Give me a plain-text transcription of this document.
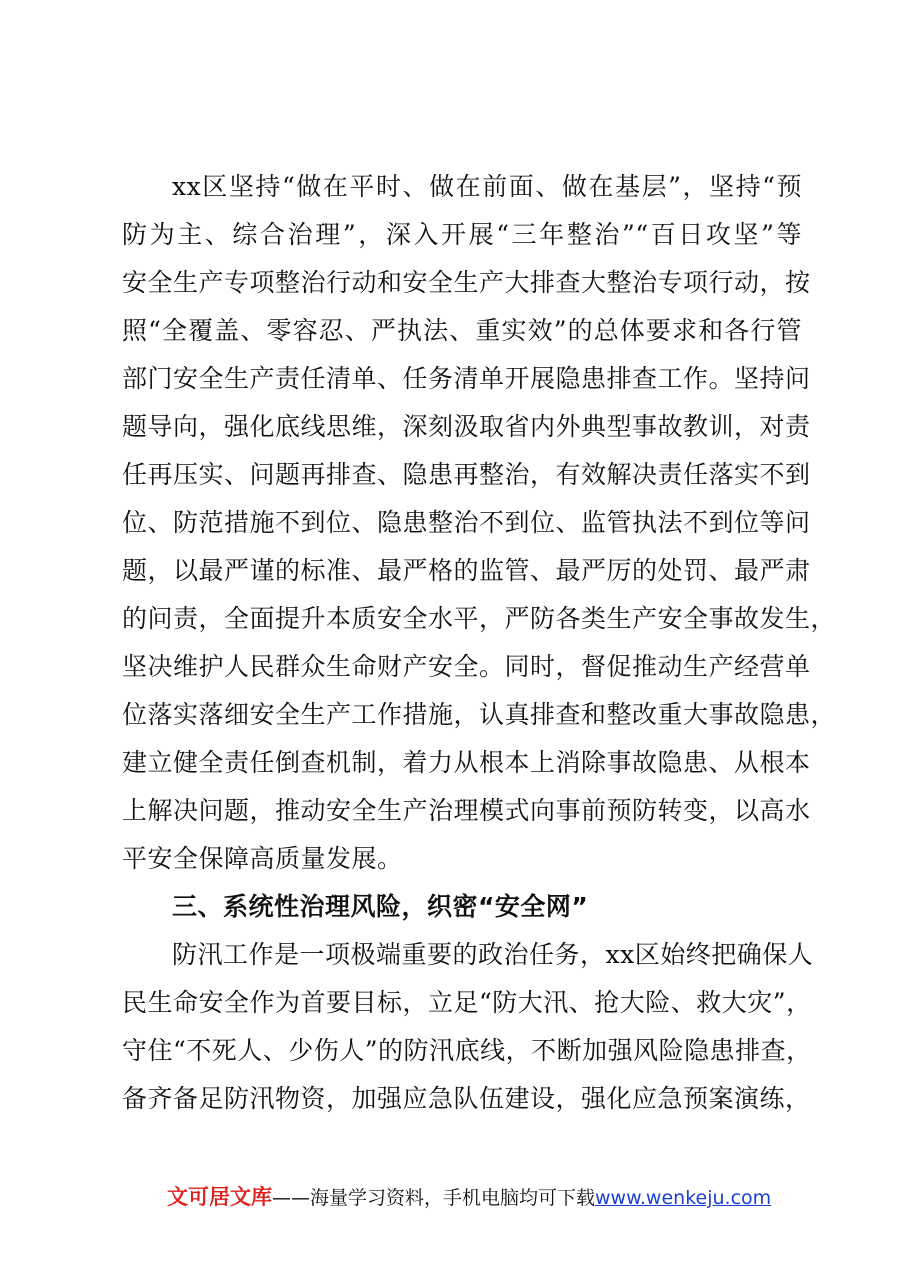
xx区坚持“做在平时、做在前面、做在基层”，坚持“预
防为主、综合治理”，深入开展“三年整治”“百日攻坚”等
安全生产专项整治行动和安全生产大排查大整治专项行动，按
照“全覆盖、零容忍、严执法、重实效”的总体要求和各行管
部门安全生产责任清单、任务清单开展隐患排查工作。坚持问
题导向，强化底线思维，深刻汲取省内外典型事故教训，对责
任再压实、问题再排查、隐患再整治，有效解决责任落实不到
位、防范措施不到位、隐患整治不到位、监管执法不到位等问
题，以最严谨的标准、最严格的监管、最严厉的处罚、最严肃
的问责，全面提升本质安全水平，严防各类生产安全事故发生，
坚决维护人民群众生命财产安全。同时，督促推动生产经营单
位落实落细安全生产工作措施，认真排查和整改重大事故隐患，
建立健全责任倒查机制，着力从根本上消除事故隐患、从根本
上解决问题，推动安全生产治理模式向事前预防转变，以高水
平安全保障高质量发展。
三、系统性治理风险，织密“安全网”
防汛工作是一项极端重要的政治任务，xx区始终把确保人
民生命安全作为首要目标，立足“防大汛、抢大险、救大灾”，
守住“不死人、少伤人”的防汛底线，不断加强风险隐患排查，
备齐备足防汛物资，加强应急队伍建设，强化应急预案演练，
文可居文库——海量学习资料，手机电脑均可下载www.wenkeju.com
